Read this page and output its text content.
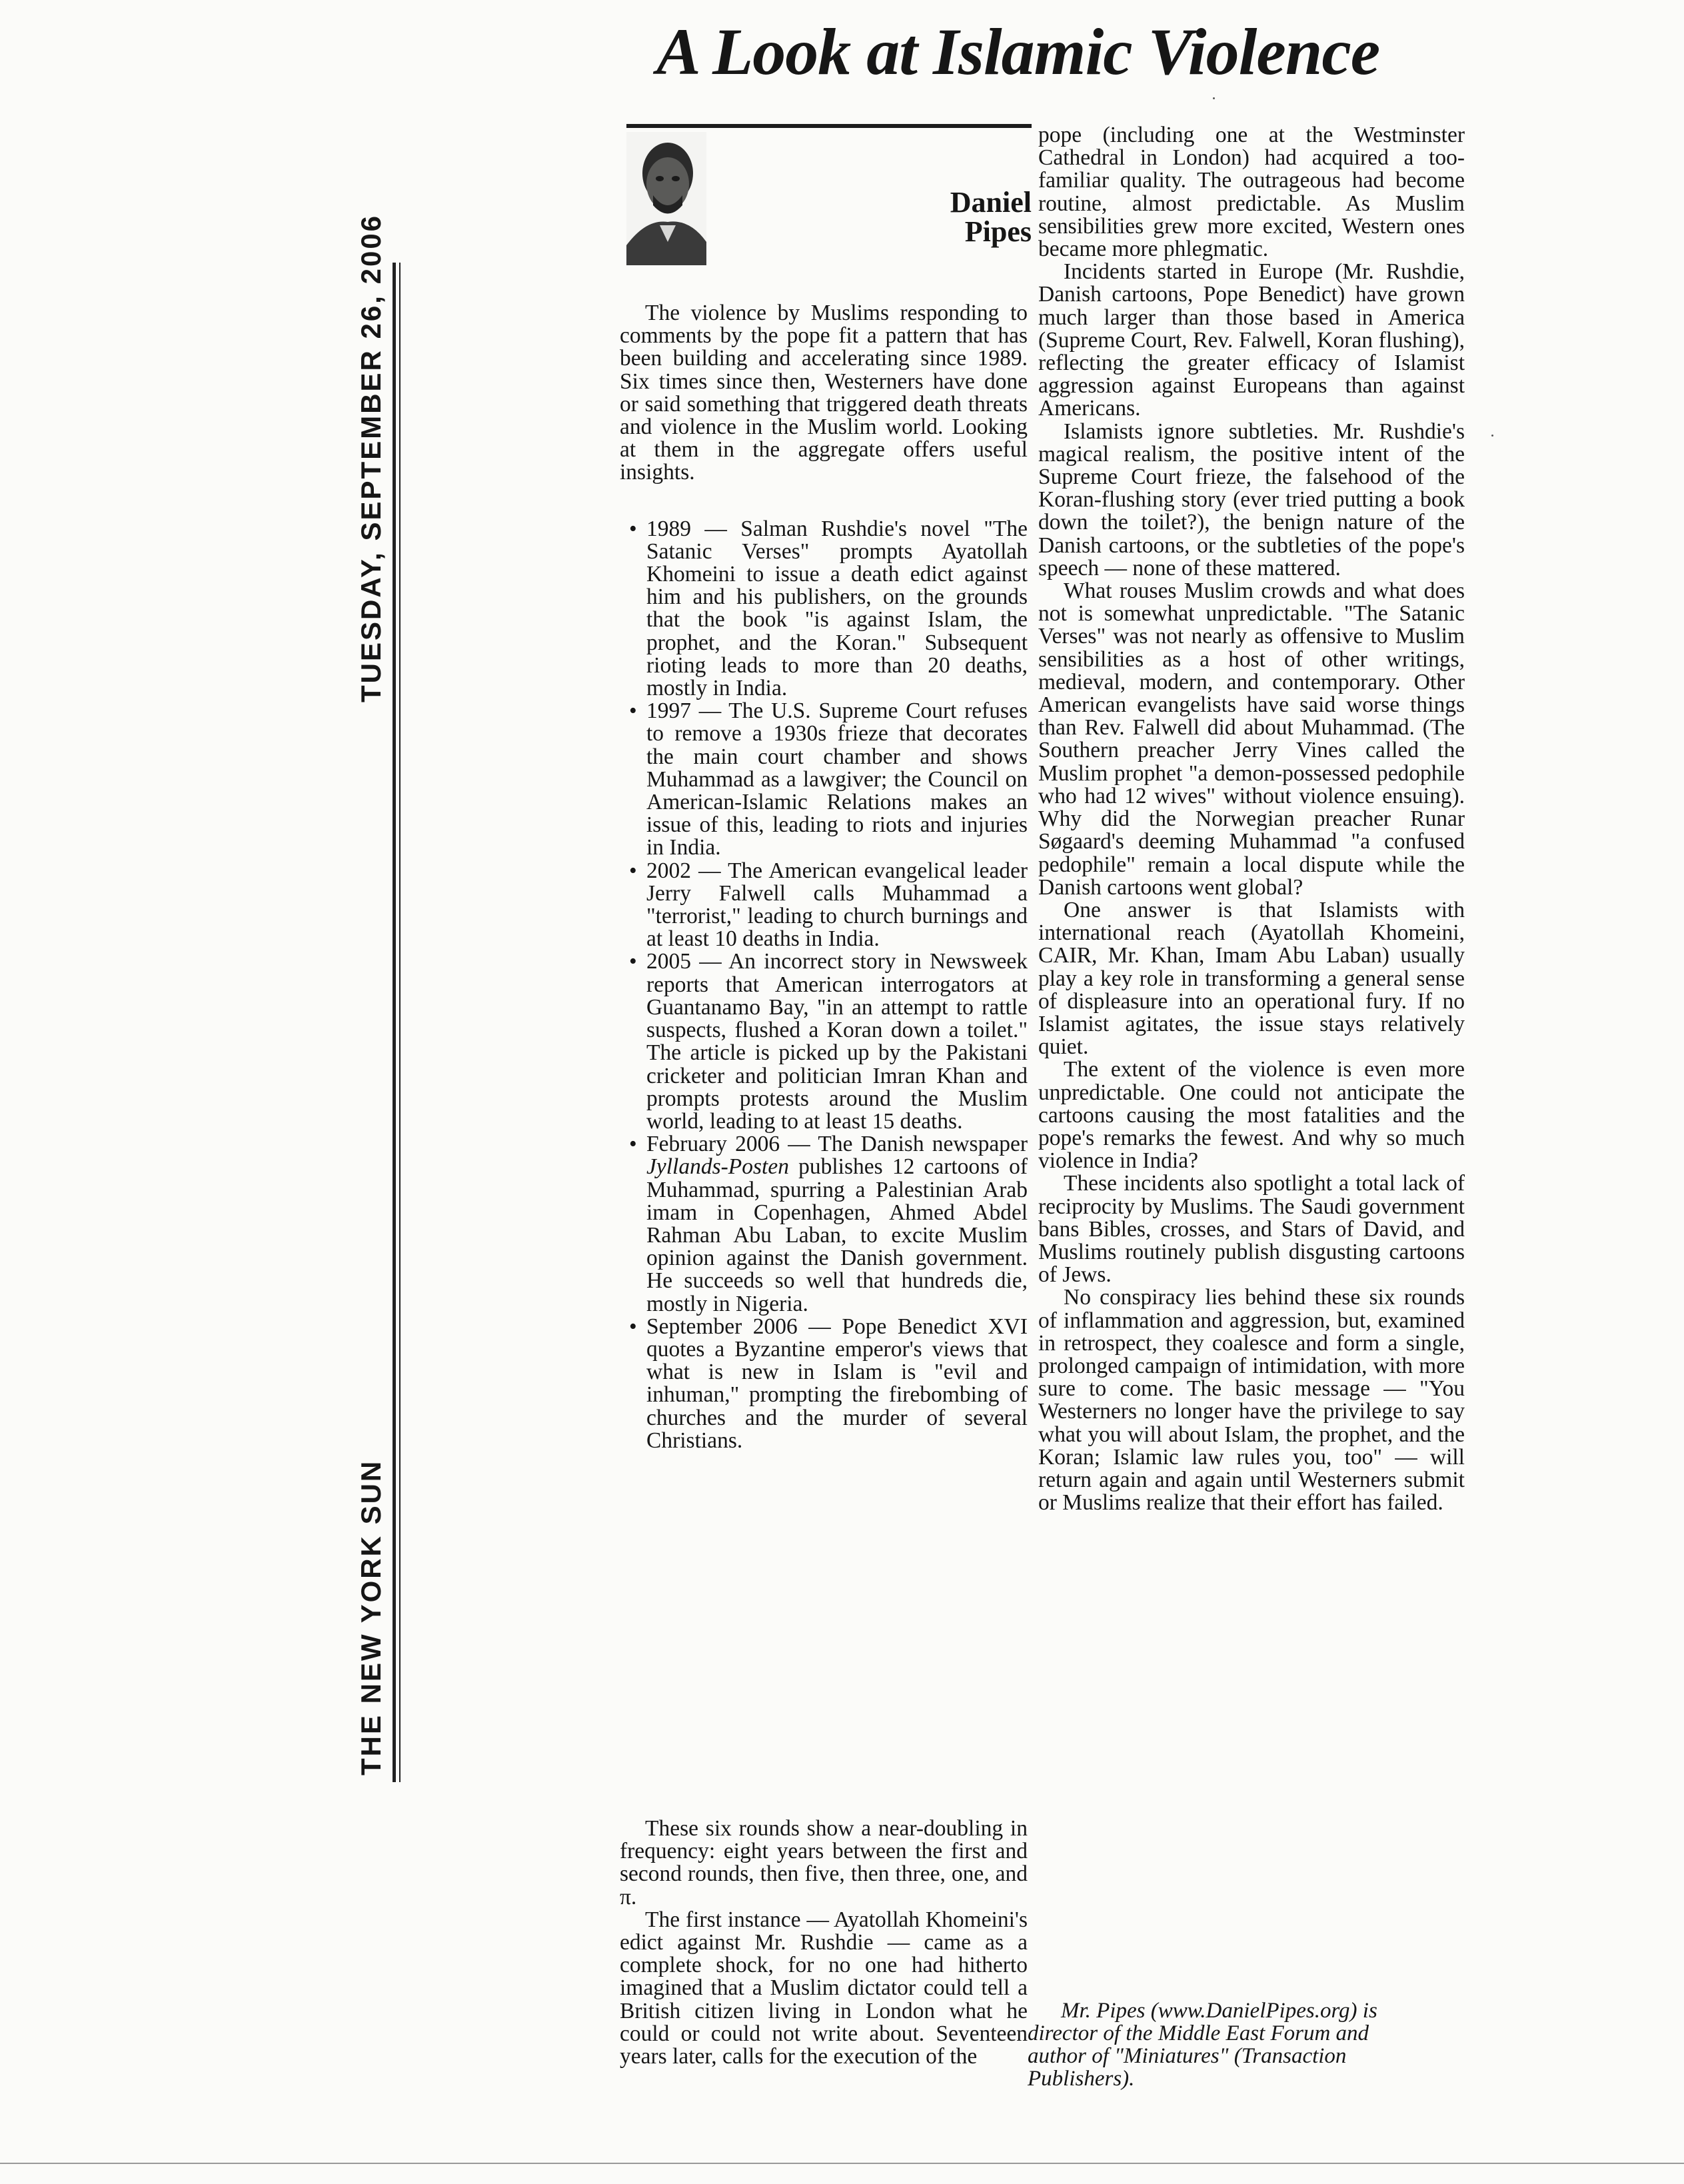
A Look at Islamic Violence
TUESDAY, SEPTEMBER 26, 2006
THE NEW YORK SUN
Daniel
Pipes

The violence by Muslims responding to comments by the pope fit a pattern that has been building and accelerating since 1989. Six times since then, Westerners have done or said something that triggered death threats and violence in the Muslim world. Looking at them in the aggregate offers useful insights.

• 1989 — Salman Rushdie's novel "The Satanic Verses" prompts Ayatollah Khomeini to issue a death edict against him and his publishers, on the grounds that the book "is against Islam, the prophet, and the Koran." Subsequent rioting leads to more than 20 deaths, mostly in India.
• 1997 — The U.S. Supreme Court refuses to remove a 1930s frieze that decorates the main court chamber and shows Muhammad as a lawgiver; the Council on American-Islamic Relations makes an issue of this, leading to riots and injuries in India.
• 2002 — The American evangelical leader Jerry Falwell calls Muhammad a "terrorist," leading to church burnings and at least 10 deaths in India.
• 2005 — An incorrect story in Newsweek reports that American interrogators at Guantanamo Bay, "in an attempt to rattle suspects, flushed a Koran down a toilet." The article is picked up by the Pakistani cricketer and politician Imran Khan and prompts protests around the Muslim world, leading to at least 15 deaths.
• February 2006 — The Danish newspaper Jyllands-Posten publishes 12 cartoons of Muhammad, spurring a Palestinian Arab imam in Copenhagen, Ahmed Abdel Rahman Abu Laban, to excite Muslim opinion against the Danish government. He succeeds so well that hundreds die, mostly in Nigeria.
• September 2006 — Pope Benedict XVI quotes a Byzantine emperor's views that what is new in Islam is "evil and inhuman," prompting the firebombing of churches and the murder of several Christians.

These six rounds show a near-doubling in frequency: eight years between the first and second rounds, then five, then three, one, and π.

The first instance — Ayatollah Khomeini's edict against Mr. Rushdie — came as a complete shock, for no one had hitherto imagined that a Muslim dictator could tell a British citizen living in London what he could or could not write about. Seventeen years later, calls for the execution of the

pope (including one at the Westminster Cathedral in London) had acquired a too-familiar quality. The outrageous had become routine, almost predictable. As Muslim sensibilities grew more excited, Western ones became more phlegmatic.

Incidents started in Europe (Mr. Rushdie, Danish cartoons, Pope Benedict) have grown much larger than those based in America (Supreme Court, Rev. Falwell, Koran flushing), reflecting the greater efficacy of Islamist aggression against Europeans than against Americans.

Islamists ignore subtleties. Mr. Rushdie's magical realism, the positive intent of the Supreme Court frieze, the falsehood of the Koran-flushing story (ever tried putting a book down the toilet?), the benign nature of the Danish cartoons, or the subtleties of the pope's speech — none of these mattered.

What rouses Muslim crowds and what does not is somewhat unpredictable. "The Satanic Verses" was not nearly as offensive to Muslim sensibilities as a host of other writings, medieval, modern, and contemporary. Other American evangelists have said worse things than Rev. Falwell did about Muhammad. (The Southern preacher Jerry Vines called the Muslim prophet "a demon-possessed pedophile who had 12 wives" without violence ensuing). Why did the Norwegian preacher Runar Søgaard's deeming Muhammad "a confused pedophile" remain a local dispute while the Danish cartoons went global?

One answer is that Islamists with international reach (Ayatollah Khomeini, CAIR, Mr. Khan, Imam Abu Laban) usually play a key role in transforming a general sense of displeasure into an operational fury. If no Islamist agitates, the issue stays relatively quiet.

The extent of the violence is even more unpredictable. One could not anticipate the cartoons causing the most fatalities and the pope's remarks the fewest. And why so much violence in India?

These incidents also spotlight a total lack of reciprocity by Muslims. The Saudi government bans Bibles, crosses, and Stars of David, and Muslims routinely publish disgusting cartoons of Jews.

No conspiracy lies behind these six rounds of inflammation and aggression, but, examined in retrospect, they coalesce and form a single, prolonged campaign of intimidation, with more sure to come. The basic message — "You Westerners no longer have the privilege to say what you will about Islam, the prophet, and the Koran; Islamic law rules you, too" — will return again and again until Westerners submit or Muslims realize that their effort has failed.

Mr. Pipes (www.DanielPipes.org) is
director of the Middle East Forum and
author of "Miniatures" (Transaction
Publishers).
